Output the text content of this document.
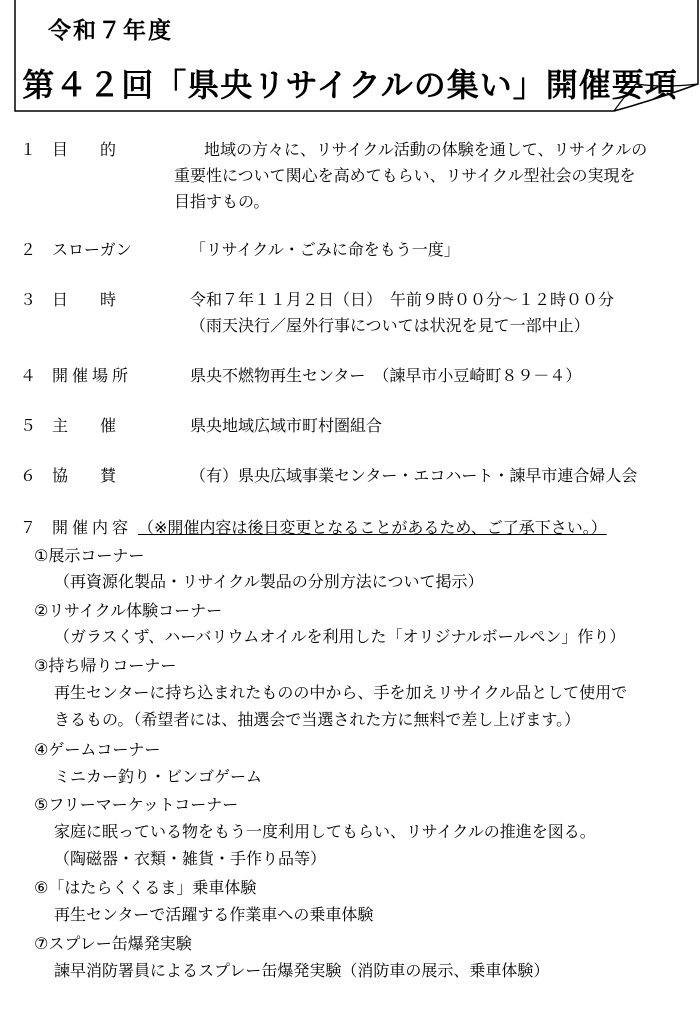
令和７年度
第４２回「県央リサイクルの集い」開催要項
１ 目　　的	地域の方々に、リサイクル活動の体験を通して、リサイクルの
重要性について関心を高めてもらい、リサイクル型社会の実現を
目指すもの。
２ スローガン	「リサイクル・ごみに命をもう一度」
３ 日　　時	令和７年１１月２日（日）　午前９時００分～１２時００分
（雨天決行／屋外行事については状況を見て一部中止）
４ 開催場所	県央不燃物再生センター　（諫早市小豆崎町８９－４）
５ 主　　催	県央地域広域市町村圏組合
６ 協　　賛	（有）県央広域事業センター・エコハート・諫早市連合婦人会
７ 開催内容 （※開催内容は後日変更となることがあるため、ご了承下さい。）
①展示コーナー
（再資源化製品・リサイクル製品の分別方法について掲示）
②リサイクル体験コーナー
（ガラスくず、ハーバリウムオイルを利用した「オリジナルボールペン」作り）
③持ち帰りコーナー
再生センターに持ち込まれたものの中から、手を加えリサイクル品として使用で
きるもの。（希望者には、抽選会で当選された方に無料で差し上げます。）
④ゲームコーナー
ミニカー釣り・ビンゴゲーム
⑤フリーマーケットコーナー
家庭に眠っている物をもう一度利用してもらい、リサイクルの推進を図る。
（陶磁器・衣類・雑貨・手作り品等）
⑥「はたらくくるま」乗車体験
再生センターで活躍する作業車への乗車体験
⑦スプレー缶爆発実験
諫早消防署員によるスプレー缶爆発実験（消防車の展示、乗車体験）
